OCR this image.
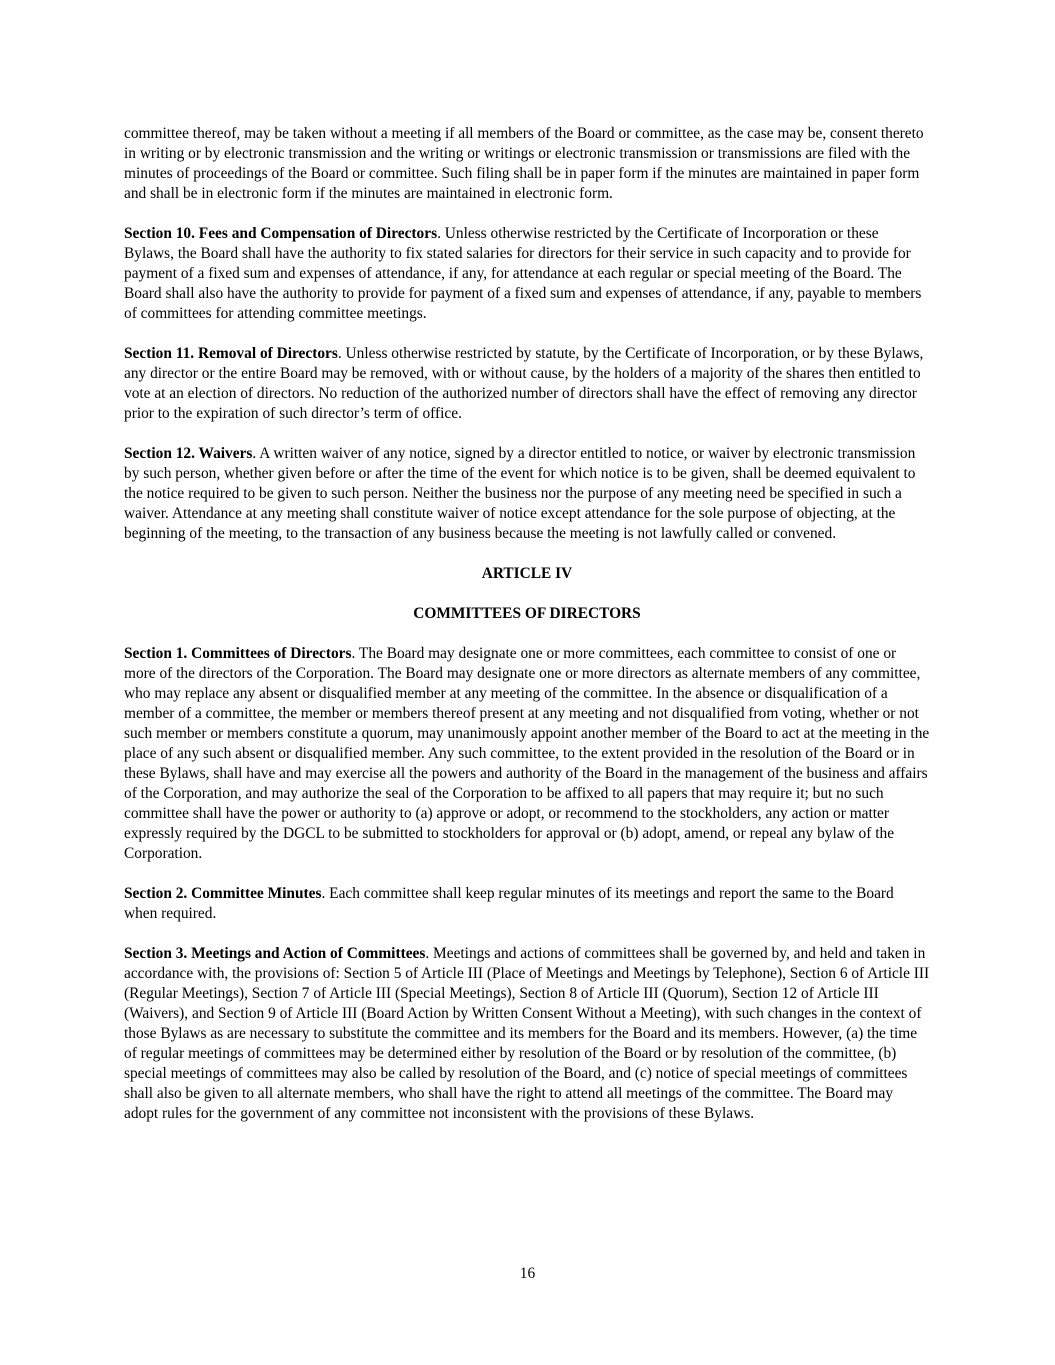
committee thereof, may be taken without a meeting if all members of the Board or committee, as the case may be, consent thereto in writing or by electronic transmission and the writing or writings or electronic transmission or transmissions are filed with the minutes of proceedings of the Board or committee. Such filing shall be in paper form if the minutes are maintained in paper form and shall be in electronic form if the minutes are maintained in electronic form.

Section 10. Fees and Compensation of Directors. Unless otherwise restricted by the Certificate of Incorporation or these Bylaws, the Board shall have the authority to fix stated salaries for directors for their service in such capacity and to provide for payment of a fixed sum and expenses of attendance, if any, for attendance at each regular or special meeting of the Board. The Board shall also have the authority to provide for payment of a fixed sum and expenses of attendance, if any, payable to members of committees for attending committee meetings.

Section 11. Removal of Directors. Unless otherwise restricted by statute, by the Certificate of Incorporation, or by these Bylaws, any director or the entire Board may be removed, with or without cause, by the holders of a majority of the shares then entitled to vote at an election of directors. No reduction of the authorized number of directors shall have the effect of removing any director prior to the expiration of such director’s term of office.

Section 12. Waivers. A written waiver of any notice, signed by a director entitled to notice, or waiver by electronic transmission by such person, whether given before or after the time of the event for which notice is to be given, shall be deemed equivalent to the notice required to be given to such person. Neither the business nor the purpose of any meeting need be specified in such a waiver. Attendance at any meeting shall constitute waiver of notice except attendance for the sole purpose of objecting, at the beginning of the meeting, to the transaction of any business because the meeting is not lawfully called or convened.

ARTICLE IV
COMMITTEES OF DIRECTORS

Section 1. Committees of Directors. The Board may designate one or more committees, each committee to consist of one or more of the directors of the Corporation. The Board may designate one or more directors as alternate members of any committee, who may replace any absent or disqualified member at any meeting of the committee. In the absence or disqualification of a member of a committee, the member or members thereof present at any meeting and not disqualified from voting, whether or not such member or members constitute a quorum, may unanimously appoint another member of the Board to act at the meeting in the place of any such absent or disqualified member. Any such committee, to the extent provided in the resolution of the Board or in these Bylaws, shall have and may exercise all the powers and authority of the Board in the management of the business and affairs of the Corporation, and may authorize the seal of the Corporation to be affixed to all papers that may require it; but no such committee shall have the power or authority to (a) approve or adopt, or recommend to the stockholders, any action or matter expressly required by the DGCL to be submitted to stockholders for approval or (b) adopt, amend, or repeal any bylaw of the Corporation.

Section 2. Committee Minutes. Each committee shall keep regular minutes of its meetings and report the same to the Board when required.

Section 3. Meetings and Action of Committees. Meetings and actions of committees shall be governed by, and held and taken in accordance with, the provisions of: Section 5 of Article III (Place of Meetings and Meetings by Telephone), Section 6 of Article III (Regular Meetings), Section 7 of Article III (Special Meetings), Section 8 of Article III (Quorum), Section 12 of Article III (Waivers), and Section 9 of Article III (Board Action by Written Consent Without a Meeting), with such changes in the context of those Bylaws as are necessary to substitute the committee and its members for the Board and its members. However, (a) the time of regular meetings of committees may be determined either by resolution of the Board or by resolution of the committee, (b) special meetings of committees may also be called by resolution of the Board, and (c) notice of special meetings of committees shall also be given to all alternate members, who shall have the right to attend all meetings of the committee. The Board may adopt rules for the government of any committee not inconsistent with the provisions of these Bylaws.

16
